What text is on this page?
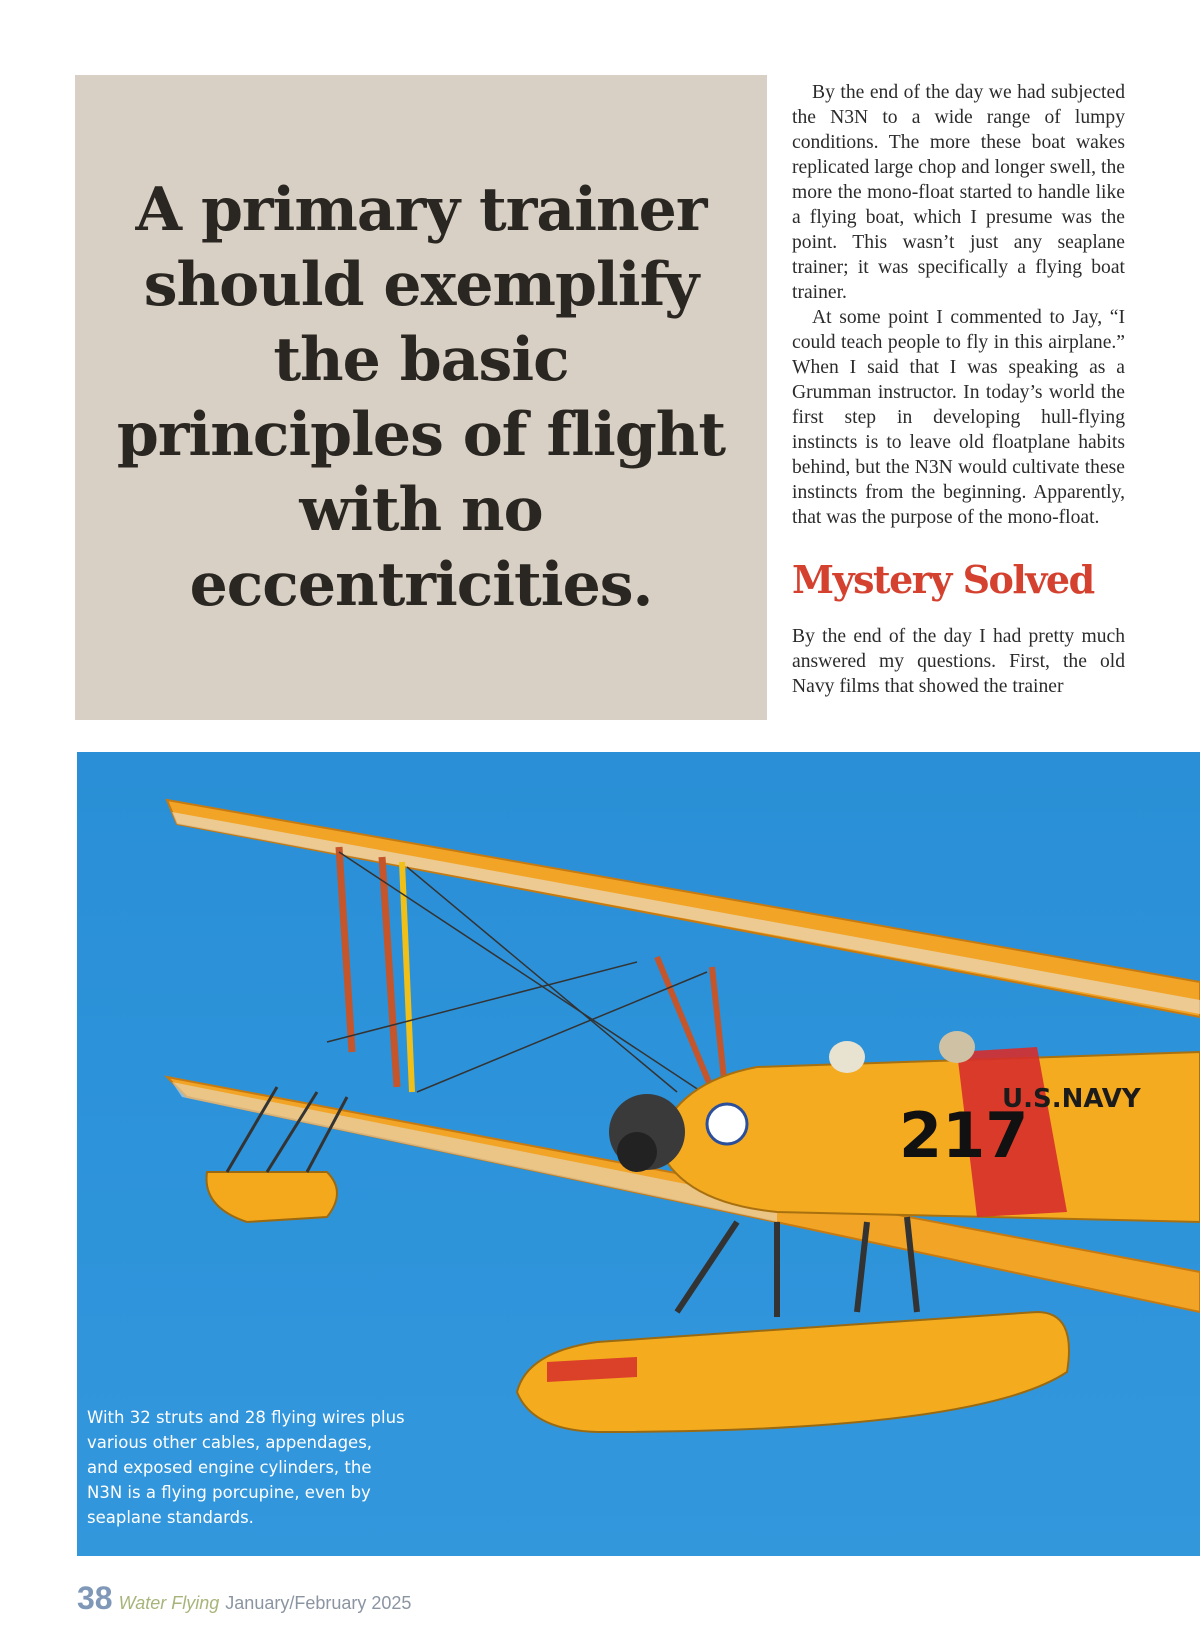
A primary trainer should exemplify the basic principles of flight with no eccentricities.

By the end of the day we had subjected the N3N to a wide range of lumpy conditions. The more these boat wakes replicated large chop and longer swell, the more the mono-float started to handle like a flying boat, which I presume was the point. This wasn’t just any seaplane trainer; it was specifically a flying boat trainer.

At some point I commented to Jay, “I could teach people to fly in this airplane.” When I said that I was speaking as a Grumman instructor. In today’s world the first step in developing hull-flying instincts is to leave old floatplane habits behind, but the N3N would cultivate these instincts from the beginning. Apparently, that was the purpose of the mono-float.

Mystery Solved

By the end of the day I had pretty much answered my questions. First, the old Navy films that showed the trainer

217
U.S.NAVY
With 32 struts and 28 flying wires plus various other cables, appendages, and exposed engine cylinders, the N3N is a flying porcupine, even by seaplane standards.
38 Water Flying January/February 2025
